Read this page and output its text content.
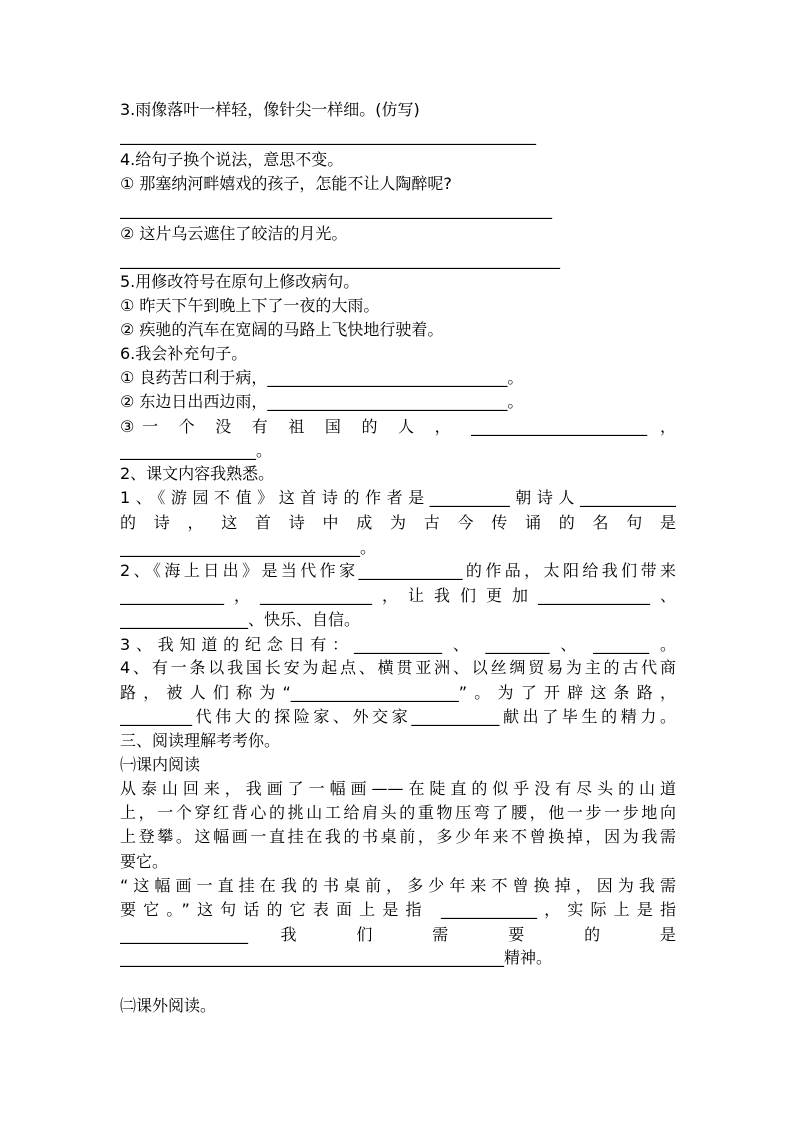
3.雨像落叶一样轻，像针尖一样细。(仿写)
____________________________________________________
4.给句子换个说法，意思不变。
① 那塞纳河畔嬉戏的孩子，怎能不让人陶醉呢?
______________________________________________________
② 这片乌云遮住了皎洁的月光。
_______________________________________________________
5.用修改符号在原句上修改病句。
① 昨天下午到晚上下了一夜的大雨。
② 疾驰的汽车在宽阔的马路上飞快地行驶着。
6.我会补充句子。
① 良药苦口利于病，______________________________。
② 东边日出西边雨，______________________________。
③一 个 没 有 祖 国 的 人 ， ______________________ ，
_________________。
2、课文内容我熟悉。
1、《游园不值》这首诗的作者是__________朝诗人____________
的 诗 ， 这 首 诗 中 成 为 古 今 传 诵 的 名 句 是
______________________________。
2、《海上日出》是当代作家_____________的作品，太阳给我们带来
_____________，______________，让我们更加______________、
________________、快乐、自信。
3、我知道的纪念日有：___________ 、 ________ 、 _______ 。
4、有一条以我国长安为起点、横贯亚洲、以丝绸贸易为主的古代商
路，被人们称为“_____________________”。为了开辟这条路，
_________代伟大的探险家、外交家___________献出了毕生的精力。
三、阅读理解考考你。
㈠课内阅读
从泰山回来，我画了一幅画——在陡直的似乎没有尽头的山道
上，一个穿红背心的挑山工给肩头的重物压弯了腰，他一步一步地向
上登攀。这幅画一直挂在我的书桌前，多少年来不曾换掉，因为我需
要它。
“这幅画一直挂在我的书桌前，多少年来不曾换掉，因为我需
要它。”这句话的它表面上是指 ____________，实际上是指
________________ 我 们 需 要 的 是
________________________________________________精神。
㈡课外阅读。
